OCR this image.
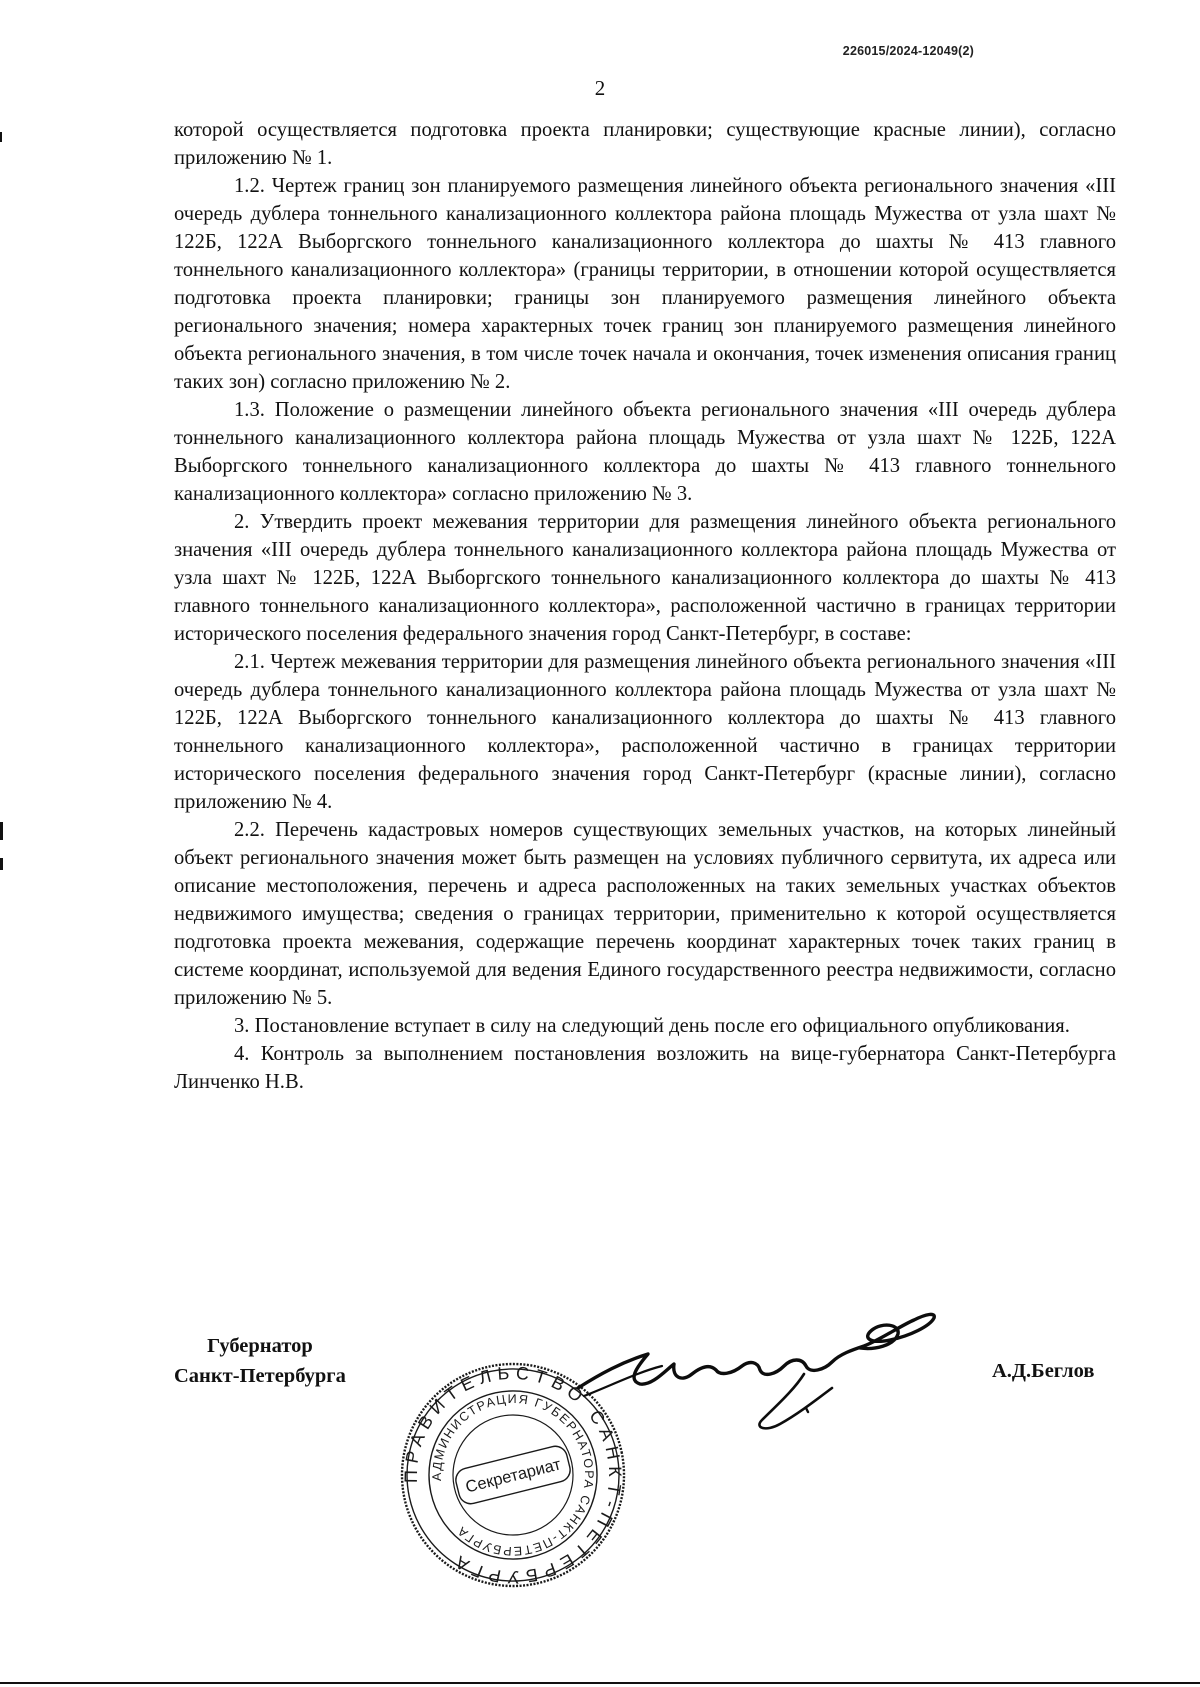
226015/2024-12049(2)
2

которой осуществляется подготовка проекта планировки; существующие красные линии), согласно приложению № 1.

1.2. Чертеж границ зон планируемого размещения линейного объекта регионального значения «III очередь дублера тоннельного канализационного коллектора района площадь Мужества от узла шахт № 122Б, 122А Выборгского тоннельного канализационного коллектора до шахты № 413 главного тоннельного канализационного коллектора» (границы территории, в отношении которой осуществляется подготовка проекта планировки; границы зон планируемого размещения линейного объекта регионального значения; номера характерных точек границ зон планируемого размещения линейного объекта регионального значения, в том числе точек начала и окончания, точек изменения описания границ таких зон) согласно приложению № 2.

1.3. Положение о размещении линейного объекта регионального значения «III очередь дублера тоннельного канализационного коллектора района площадь Мужества от узла шахт № 122Б, 122А Выборгского тоннельного канализационного коллектора до шахты № 413 главного тоннельного канализационного коллектора» согласно приложению № 3.

2. Утвердить проект межевания территории для размещения линейного объекта регионального значения «III очередь дублера тоннельного канализационного коллектора района площадь Мужества от узла шахт № 122Б, 122А Выборгского тоннельного канализационного коллектора до шахты № 413 главного тоннельного канализационного коллектора», расположенной частично в границах территории исторического поселения федерального значения город Санкт-Петербург, в составе:

2.1. Чертеж межевания территории для размещения линейного объекта регионального значения «III очередь дублера тоннельного канализационного коллектора района площадь Мужества от узла шахт № 122Б, 122А Выборгского тоннельного канализационного коллектора до шахты № 413 главного тоннельного канализационного коллектора», расположенной частично в границах территории исторического поселения федерального значения город Санкт-Петербург (красные линии), согласно приложению № 4.

2.2. Перечень кадастровых номеров существующих земельных участков, на которых линейный объект регионального значения может быть размещен на условиях публичного сервитута, их адреса или описание местоположения, перечень и адреса расположенных на таких земельных участках объектов недвижимого имущества; сведения о границах территории, применительно к которой осуществляется подготовка проекта межевания, содержащие перечень координат характерных точек таких границ в системе координат, используемой для ведения Единого государственного реестра недвижимости, согласно приложению № 5.

3. Постановление вступает в силу на следующий день после его официального опубликования.

4. Контроль за выполнением постановления возложить на вице-губернатора Санкт-Петербурга Линченко Н.В.

Губернатор
Санкт-Петербурга	А.Д.Беглов
ПРАВИТЕЛЬСТВО САНКТ-ПЕТЕРБУРГА
АДМИНИСТРАЦИЯ ГУБЕРНАТОРА САНКТ-ПЕТЕРБУРГА
Секретариат
